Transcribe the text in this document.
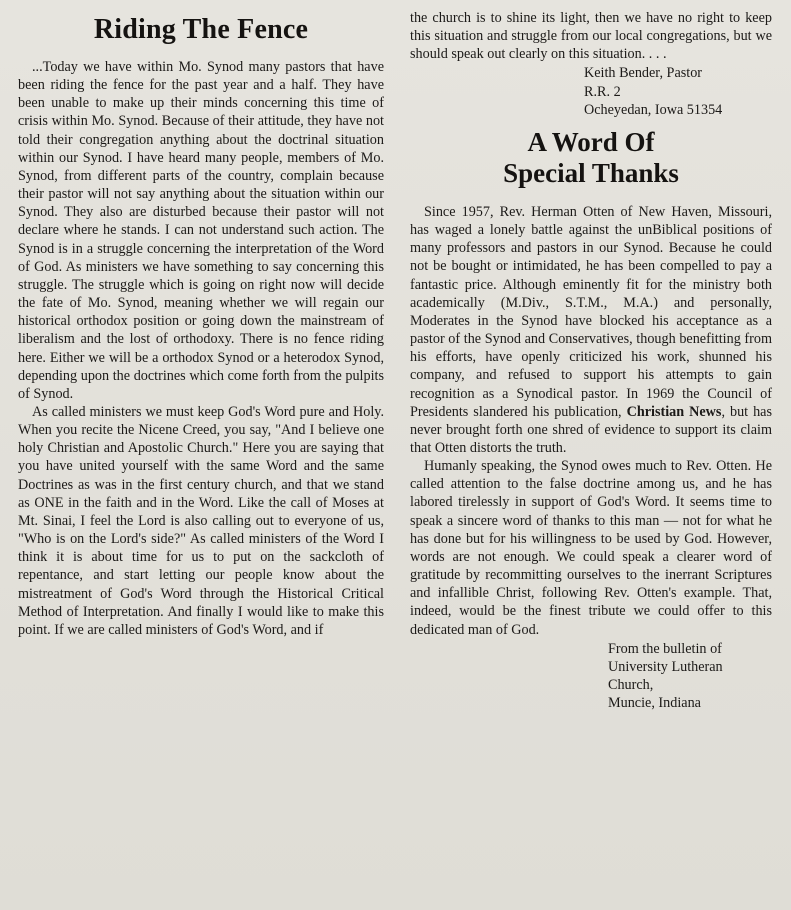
Riding The Fence

...Today we have within Mo. Synod many pastors that have been riding the fence for the past year and a half. They have been unable to make up their minds concerning this time of crisis within Mo. Synod. Because of their attitude, they have not told their congregation anything about the doctrinal situation within our Synod. I have heard many people, members of Mo. Synod, from different parts of the country, complain because their pastor will not say anything about the situation within our Synod. They also are disturbed because their pastor will not declare where he stands. I can not understand such action. The Synod is in a struggle concerning the interpretation of the Word of God. As ministers we have something to say concerning this struggle. The struggle which is going on right now will decide the fate of Mo. Synod, meaning whether we will regain our historical orthodox position or going down the mainstream of liberalism and the lost of orthodoxy. There is no fence riding here. Either we will be a orthodox Synod or a heterodox Synod, depending upon the doctrines which come forth from the pulpits of Synod.

As called ministers we must keep God's Word pure and Holy. When you recite the Nicene Creed, you say, "And I believe one holy Christian and Apostolic Church." Here you are saying that you have united yourself with the same Word and the same Doctrines as was in the first century church, and that we stand as ONE in the faith and in the Word. Like the call of Moses at Mt. Sinai, I feel the Lord is also calling out to everyone of us, "Who is on the Lord's side?" As called ministers of the Word I think it is about time for us to put on the sackcloth of repentance, and start letting our people know about the mistreatment of God's Word through the Historical Critical Method of Interpretation. And finally I would like to make this point. If we are called ministers of God's Word, and if

the church is to shine its light, then we have no right to keep this situation and struggle from our local congregations, but we should speak out clearly on this situation. . . .

Keith Bender, Pastor

R.R. 2

Ocheyedan, Iowa 51354

A Word Of
Special Thanks

Since 1957, Rev. Herman Otten of New Haven, Missouri, has waged a lonely battle against the unBiblical positions of many professors and pastors in our Synod. Because he could not be bought or intimidated, he has been compelled to pay a fantastic price. Although eminently fit for the ministry both academically (M.Div., S.T.M., M.A.) and personally, Moderates in the Synod have blocked his acceptance as a pastor of the Synod and Conservatives, though benefitting from his efforts, have openly criticized his work, shunned his company, and refused to support his attempts to gain recognition as a Synodical pastor. In 1969 the Council of Presidents slandered his publication, Christian News, but has never brought forth one shred of evidence to support its claim that Otten distorts the truth.

Humanly speaking, the Synod owes much to Rev. Otten. He called attention to the false doctrine among us, and he has labored tirelessly in support of God's Word. It seems time to speak a sincere word of thanks to this man — not for what he has done but for his willingness to be used by God. However, words are not enough. We could speak a clearer word of gratitude by recommitting ourselves to the inerrant Scriptures and infallible Christ, following Rev. Otten's example. That, indeed, would be the finest tribute we could offer to this dedicated man of God.

From the bulletin of

University Lutheran

Church,

Muncie, Indiana
